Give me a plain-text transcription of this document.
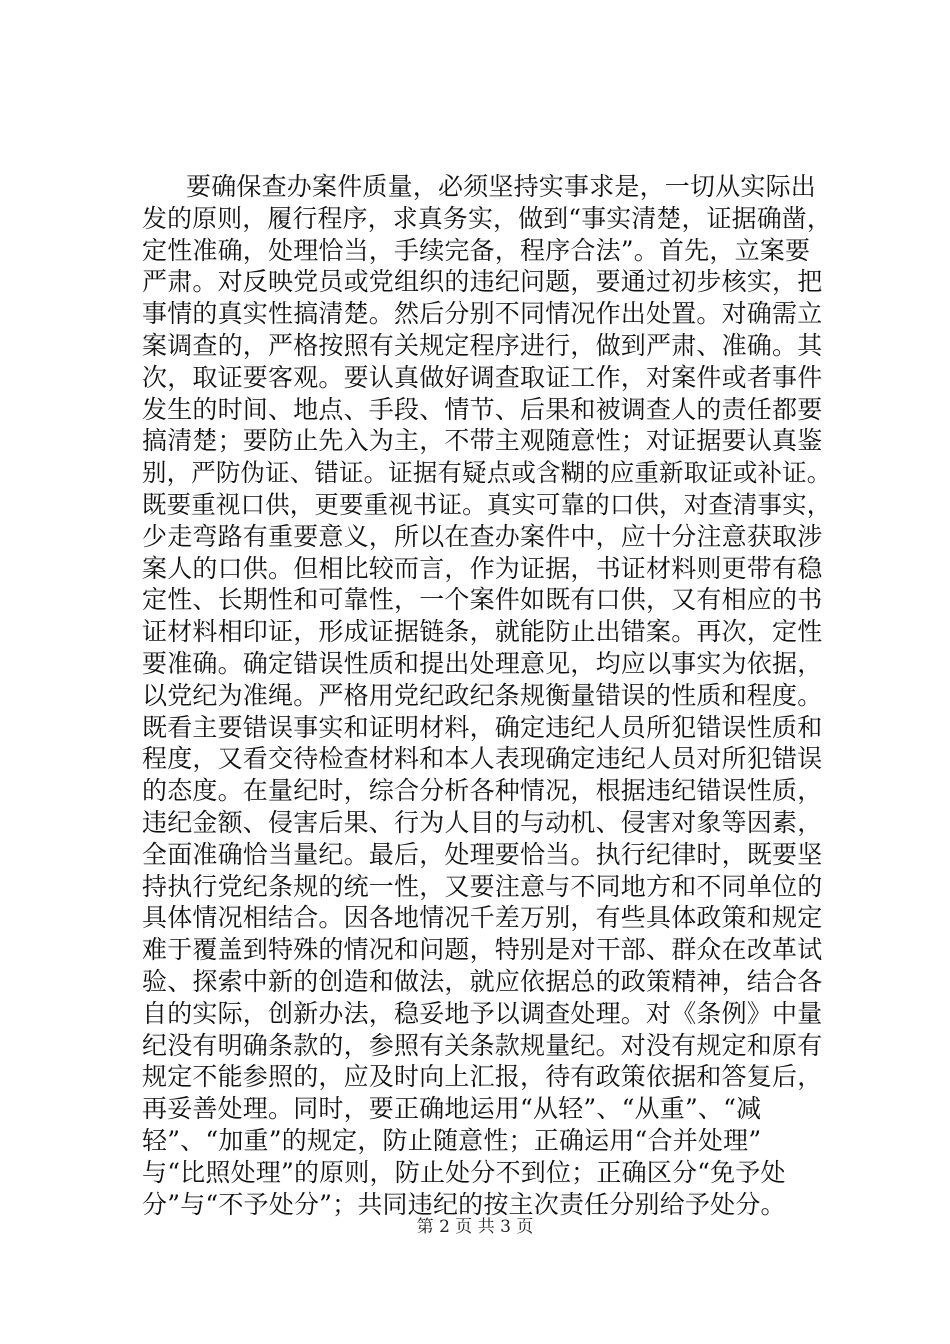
要确保查办案件质量，必须坚持实事求是，一切从实际出
发的原则，履行程序，求真务实，做到“事实清楚，证据确凿，
定性准确，处理恰当，手续完备，程序合法”。首先，立案要
严肃。对反映党员或党组织的违纪问题，要通过初步核实，把
事情的真实性搞清楚。然后分别不同情况作出处置。对确需立
案调查的，严格按照有关规定程序进行，做到严肃、准确。其
次，取证要客观。要认真做好调查取证工作，对案件或者事件
发生的时间、地点、手段、情节、后果和被调查人的责任都要
搞清楚；要防止先入为主，不带主观随意性；对证据要认真鉴
别，严防伪证、错证。证据有疑点或含糊的应重新取证或补证。
既要重视口供，更要重视书证。真实可靠的口供，对查清事实，
少走弯路有重要意义，所以在查办案件中，应十分注意获取涉
案人的口供。但相比较而言，作为证据，书证材料则更带有稳
定性、长期性和可靠性，一个案件如既有口供，又有相应的书
证材料相印证，形成证据链条，就能防止出错案。再次，定性
要准确。确定错误性质和提出处理意见，均应以事实为依据，
以党纪为准绳。严格用党纪政纪条规衡量错误的性质和程度。
既看主要错误事实和证明材料，确定违纪人员所犯错误性质和
程度，又看交待检查材料和本人表现确定违纪人员对所犯错误
的态度。在量纪时，综合分析各种情况，根据违纪错误性质，
违纪金额、侵害后果、行为人目的与动机、侵害对象等因素，
全面准确恰当量纪。最后，处理要恰当。执行纪律时，既要坚
持执行党纪条规的统一性，又要注意与不同地方和不同单位的
具体情况相结合。因各地情况千差万别，有些具体政策和规定
难于覆盖到特殊的情况和问题，特别是对干部、群众在改革试
验、探索中新的创造和做法，就应依据总的政策精神，结合各
自的实际，创新办法，稳妥地予以调查处理。对《条例》中量
纪没有明确条款的，参照有关条款规量纪。对没有规定和原有
规定不能参照的，应及时向上汇报，待有政策依据和答复后，
再妥善处理。同时，要正确地运用“从轻”、“从重”、“减
轻”、“加重”的规定，防止随意性；正确运用“合并处理”
与“比照处理”的原则，防止处分不到位；正确区分“免予处
分”与“不予处分”；共同违纪的按主次责任分别给予处分。
第 2 页 共 3 页
